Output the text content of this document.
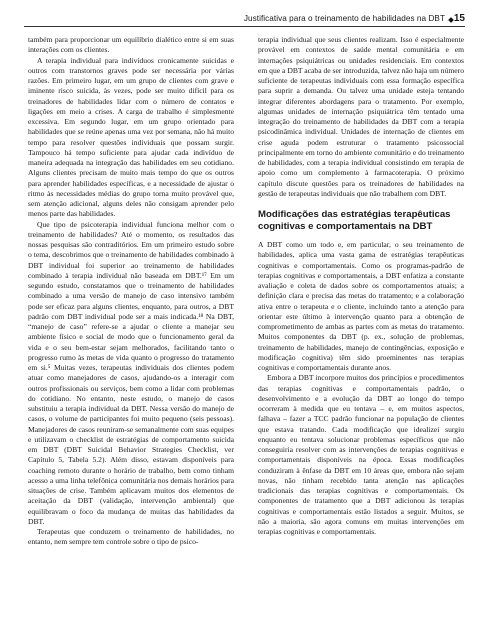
Justificativa para o treinamento de habilidades na DBT 15

também para proporcionar um equilíbrio dialético entre si em suas interações com os clientes.

A terapia individual para indivíduos cronicamente suicidas e outros com transtornos graves pode ser necessária por várias razões. Em primeiro lugar, em um grupo de clientes com grave e iminente risco suicida, às vezes, pode ser muito difícil para os treinadores de habilidades lidar com o número de contatos e ligações em meio a crises. A carga de trabalho é simplesmente excessiva. Em segundo lugar, em um grupo orientado para habilidades que se reúne apenas uma vez por semana, não há muito tempo para resolver questões individuais que possam surgir. Tampouco há tempo suficiente para ajudar cada indivíduo de maneira adequada na integração das habilidades em seu cotidiano. Alguns clientes precisam de muito mais tempo do que os outros para aprender habilidades específicas, e a necessidade de ajustar o ritmo às necessidades médias do grupo torna muito provável que, sem atenção adicional, alguns deles não consigam aprender pelo menos parte das habilidades.

Que tipo de psicoterapia individual funciona melhor com o treinamento de habilidades? Até o momento, os resultados das nossas pesquisas são contraditórios. Em um primeiro estudo sobre o tema, descobrimos que o treinamento de habilidades combinado à DBT individual foi superior ao treinamento de habilidades combinado à terapia individual não baseada em DBT.¹⁷ Em um segundo estudo, constatamos que o treinamento de habilidades combinado a uma versão de manejo de caso intensivo também pode ser eficaz para alguns clientes, enquanto, para outros, a DBT padrão com DBT individual pode ser a mais indicada.¹⁸ Na DBT, “manejo de caso” refere-se a ajudar o cliente a manejar seu ambiente físico e social de modo que o funcionamento geral da vida e o seu bem-estar sejam melhorados, facilitando tanto o progresso rumo às metas de vida quanto o progresso do tratamento em si.⁵ Muitas vezes, terapeutas individuais dos clientes podem atuar como manejadores de casos, ajudando-os a interagir com outros profissionais ou serviços, bem como a lidar com problemas do cotidiano. No entanto, neste estudo, o manejo de casos substituiu a terapia individual da DBT. Nessa versão do manejo de casos, o volume de participantes foi muito pequeno (seis pessoas). Manejadores de casos reuniram-se semanalmente com suas equipes e utilizavam o checklist de estratégias de comportamento suicida em DBT (DBT Suicidal Behavior Strategies Checklist, ver Capítulo 5, Tabela 5.2). Além disso, estavam disponíveis para coaching remoto durante o horário de trabalho, bem como tinham acesso a uma linha telefônica comunitária nos demais horários para situações de crise. Também aplicavam muitos dos elementos de aceitação da DBT (validação, intervenção ambiental) que equilibravam o foco da mudança de muitas das habilidades da DBT.

Terapeutas que conduzem o treinamento de habilidades, no entanto, nem sempre tem controle sobre o tipo de psico-

terapia individual que seus clientes realizam. Isso é especialmente provável em contextos de saúde mental comunitária e em internações psiquiátricas ou unidades residenciais. Em contextos em que a DBT acaba de ser introduzida, talvez não haja um número suficiente de terapeutas individuais com essa formação específica para suprir a demanda. Ou talvez uma unidade esteja tentando integrar diferentes abordagens para o tratamento. Por exemplo, algumas unidades de internação psiquiátrica têm tentado uma integração do treinamento de habilidades da DBT com a terapia psicodinâmica individual. Unidades de internação de clientes em crise aguda podem estruturar o tratamento psicossocial principalmente em torno do ambiente comunitário e do treinamento de habilidades, com a terapia individual consistindo em terapia de apoio como um complemento à farmacoterapia. O próximo capítulo discute questões para os treinadores de habilidades na gestão de terapeutas individuais que não trabalhem com DBT.

Modificações das estratégias terapêuticas cognitivas e comportamentais na DBT

A DBT como um todo e, em particular, o seu treinamento de habilidades, aplica uma vasta gama de estratégias terapêuticas cognitivas e comportamentais. Como os programas-padrão de terapias cognitivas e comportamentais, a DBT enfatiza a constante avaliação e coleta de dados sobre os comportamentos atuais; a definição clara e precisa das metas do tratamento; e a colaboração ativa entre o terapeuta e o cliente, incluindo tanto a atenção para orientar este último à intervenção quanto para a obtenção de comprometimento de ambas as partes com as metas do tratamento. Muitos componentes da DBT (p. ex., solução de problemas, treinamento de habilidades, manejo de contingências, exposição e modificação cognitiva) têm sido proeminentes nas terapias cognitivas e comportamentais durante anos.

Embora a DBT incorpore muitos dos princípios e procedimentos das terapias cognitivas e comportamentais padrão, o desenvolvimento e a evolução da DBT ao longo do tempo ocorreram à medida que eu tentava – e, em muitos aspectos, falhava – fazer a TCC padrão funcionar na população de clientes que estava tratando. Cada modificação que idealizei surgiu enquanto eu tentava solucionar problemas específicos que não conseguiria resolver com as intervenções de terapias cognitivas e comportamentais disponíveis na época. Essas modificações conduziram à ênfase da DBT em 10 áreas que, embora não sejam novas, não tinham recebido tanta atenção nas aplicações tradicionais das terapias cognitivas e comportamentais. Os componentes de tratamento que a DBT adicionou às terapias cognitivas e comportamentais estão listados a seguir. Muitos, se não a maioria, são agora comuns em muitas intervenções em terapias cognitivas e comportamentais.
